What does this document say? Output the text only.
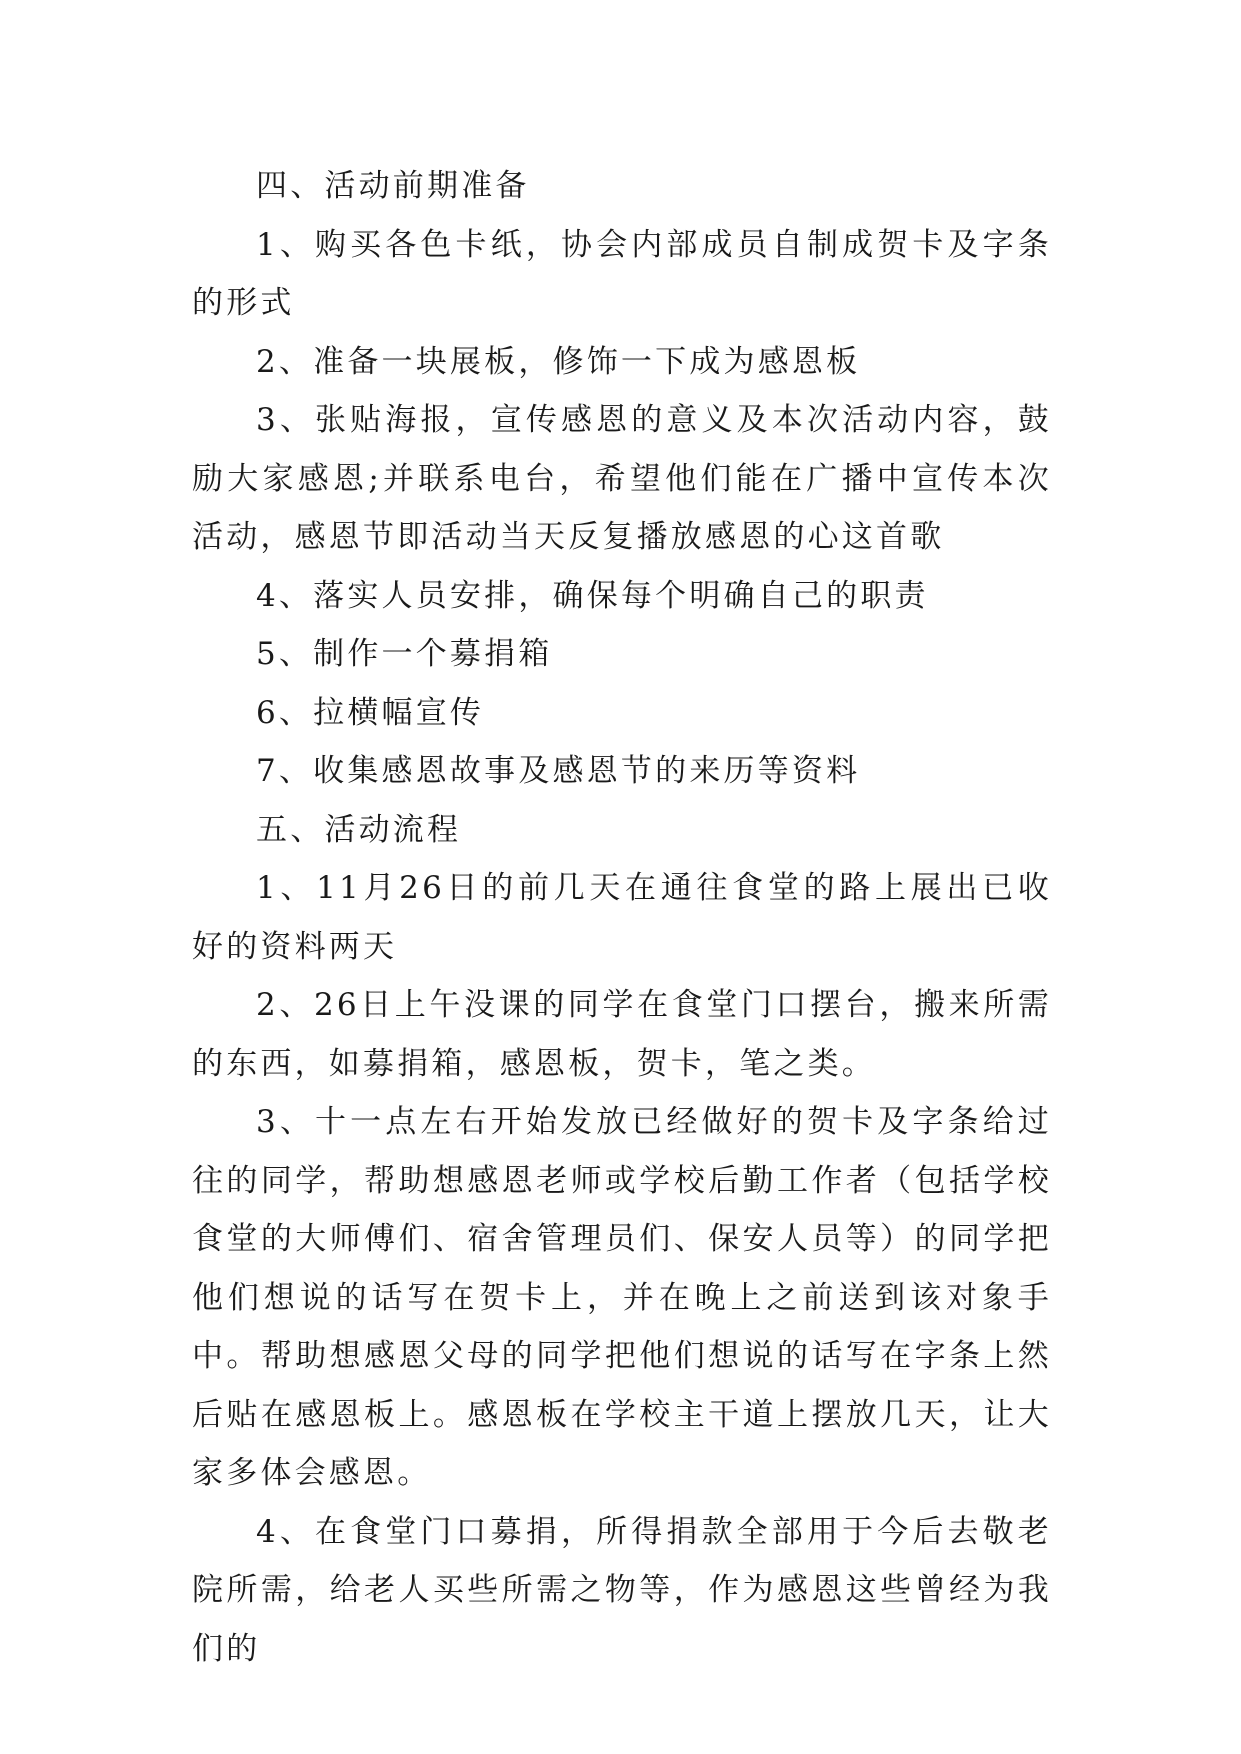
四、活动前期准备

1、购买各色卡纸，协会内部成员自制成贺卡及字条的形式

2、准备一块展板，修饰一下成为感恩板

3、张贴海报，宣传感恩的意义及本次活动内容，鼓励大家感恩;并联系电台，希望他们能在广播中宣传本次活动，感恩节即活动当天反复播放感恩的心这首歌

4、落实人员安排，确保每个明确自己的职责

5、制作一个募捐箱

6、拉横幅宣传

7、收集感恩故事及感恩节的来历等资料

五、活动流程

1、11月26日的前几天在通往食堂的路上展出已收好的资料两天

2、26日上午没课的同学在食堂门口摆台，搬来所需的东西，如募捐箱，感恩板，贺卡，笔之类。

3、十一点左右开始发放已经做好的贺卡及字条给过往的同学，帮助想感恩老师或学校后勤工作者（包括学校食堂的大师傅们、宿舍管理员们、保安人员等）的同学把他们想说的话写在贺卡上，并在晚上之前送到该对象手中。帮助想感恩父母的同学把他们想说的话写在字条上然后贴在感恩板上。感恩板在学校主干道上摆放几天，让大家多体会感恩。

4、在食堂门口募捐，所得捐款全部用于今后去敬老院所需，给老人买些所需之物等，作为感恩这些曾经为我们的
